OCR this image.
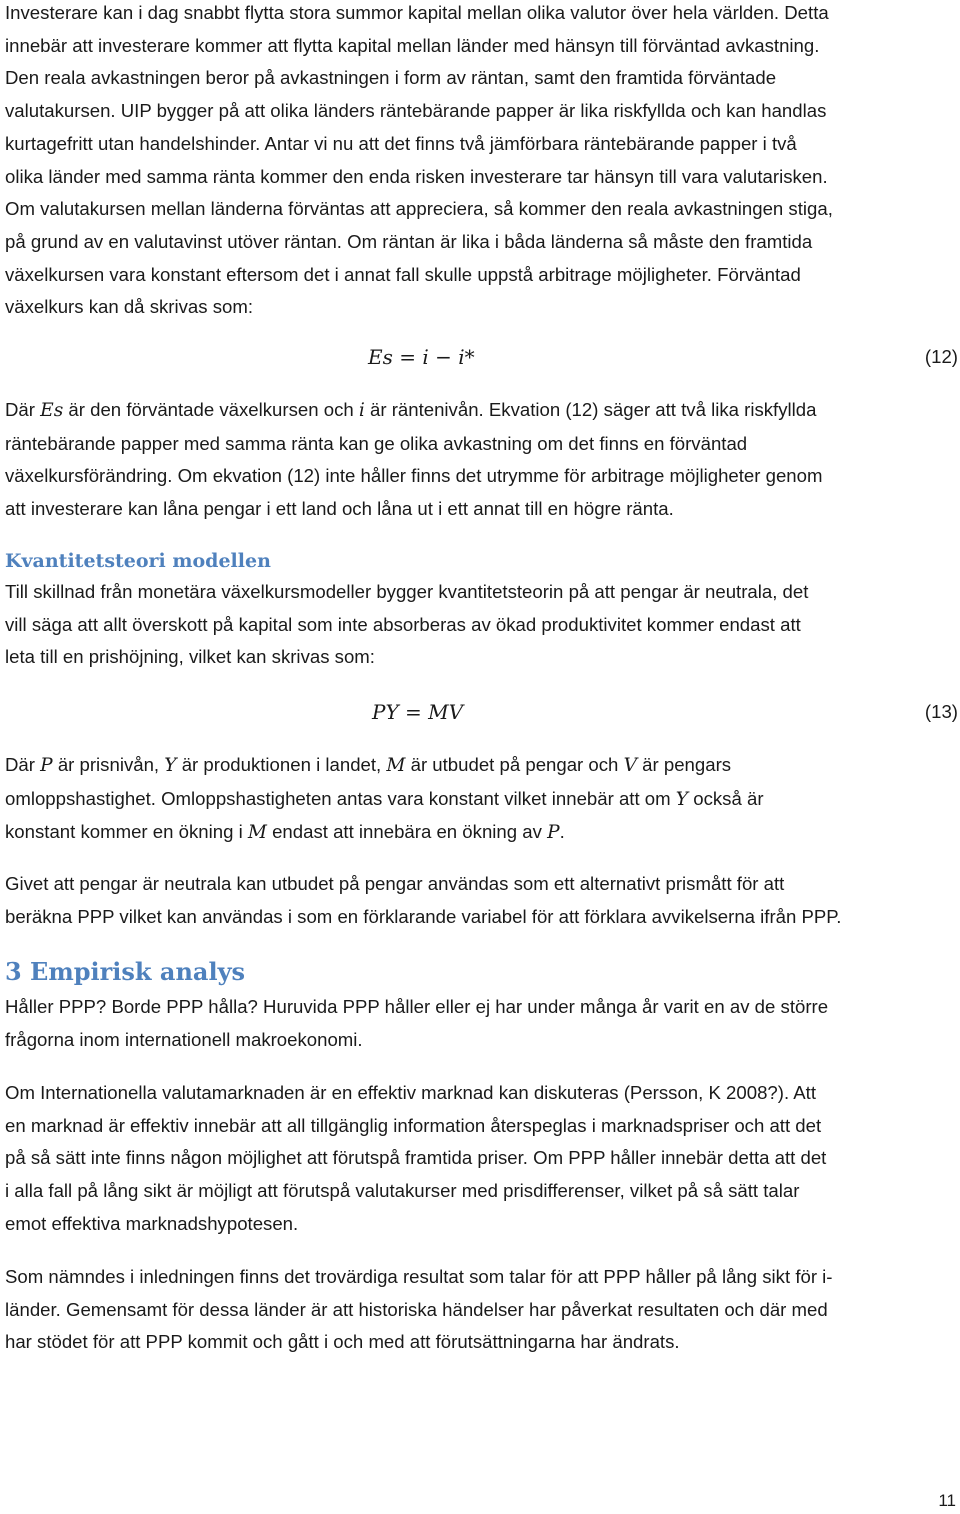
Investerare kan i dag snabbt flytta stora summor kapital mellan olika valutor över hela världen. Detta innebär att investerare kommer att flytta kapital mellan länder med hänsyn till förväntad avkastning. Den reala avkastningen beror på avkastningen i form av räntan, samt den framtida förväntade valutakursen. UIP bygger på att olika länders räntebärande papper är lika riskfyllda och kan handlas kurtagefritt utan handelshinder. Antar vi nu att det finns två jämförbara räntebärande papper i två olika länder med samma ränta kommer den enda risken investerare tar hänsyn till vara valutarisken. Om valutakursen mellan länderna förväntas att appreciera, så kommer den reala avkastningen stiga, på grund av en valutavinst utöver räntan. Om räntan är lika i båda länderna så måste den framtida växelkursen vara konstant eftersom det i annat fall skulle uppstå arbitrage möjligheter. Förväntad växelkurs kan då skrivas som:
Es = i − i*	(12)
Där Es är den förväntade växelkursen och i är räntenivån. Ekvation (12) säger att två lika riskfyllda räntebärande papper med samma ränta kan ge olika avkastning om det finns en förväntad växelkursförändring. Om ekvation (12) inte håller finns det utrymme för arbitrage möjligheter genom att investerare kan låna pengar i ett land och låna ut i ett annat till en högre ränta.
Kvantitetsteori modellen
Till skillnad från monetära växelkursmodeller bygger kvantitetsteorin på att pengar är neutrala, det vill säga att allt överskott på kapital som inte absorberas av ökad produktivitet kommer endast att leta till en prishöjning, vilket kan skrivas som:
PY = MV	(13)
Där P är prisnivån, Y är produktionen i landet, M är utbudet på pengar och V är pengars omloppshastighet. Omloppshastigheten antas vara konstant vilket innebär att om Y också är konstant kommer en ökning i M endast att innebära en ökning av P.
Givet att pengar är neutrala kan utbudet på pengar användas som ett alternativt prismått för att beräkna PPP vilket kan användas i som en förklarande variabel för att förklara avvikelserna ifrån PPP.
3 Empirisk analys
Håller PPP? Borde PPP hålla? Huruvida PPP håller eller ej har under många år varit en av de större frågorna inom internationell makroekonomi.
Om Internationella valutamarknaden är en effektiv marknad kan diskuteras (Persson, K 2008?). Att en marknad är effektiv innebär att all tillgänglig information återspeglas i marknadspriser och att det på så sätt inte finns någon möjlighet att förutspå framtida priser. Om PPP håller innebär detta att det i alla fall på lång sikt är möjligt att förutspå valutakurser med prisdifferenser, vilket på så sätt talar emot effektiva marknadshypotesen.
Som nämndes i inledningen finns det trovärdiga resultat som talar för att PPP håller på lång sikt för i- länder. Gemensamt för dessa länder är att historiska händelser har påverkat resultaten och där med har stödet för att PPP kommit och gått i och med att förutsättningarna har ändrats.
11
